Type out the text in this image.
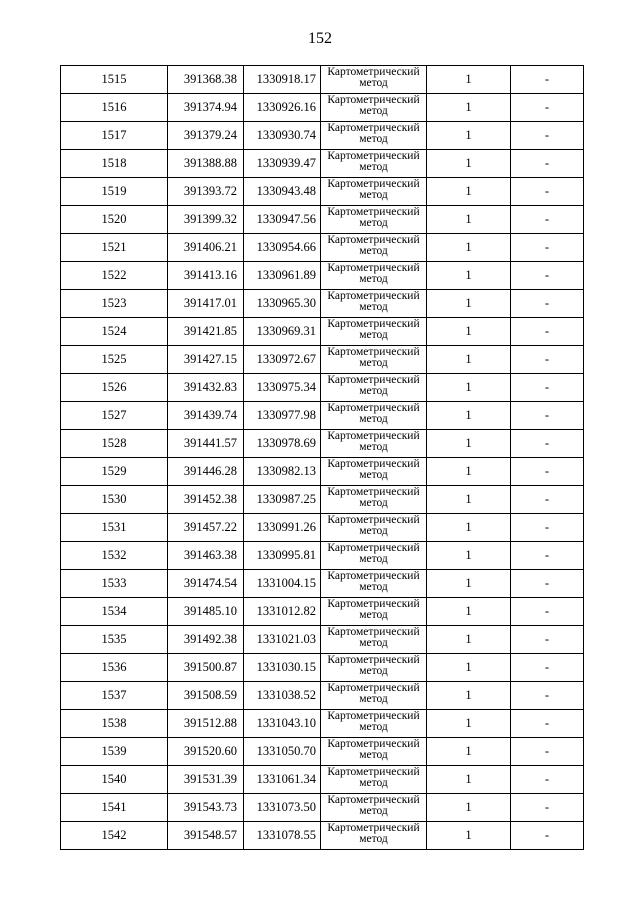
152
1515	391368.38	1330918.17	Картометрический метод	1	-
1516	391374.94	1330926.16	Картометрический метод	1	-
1517	391379.24	1330930.74	Картометрический метод	1	-
1518	391388.88	1330939.47	Картометрический метод	1	-
1519	391393.72	1330943.48	Картометрический метод	1	-
1520	391399.32	1330947.56	Картометрический метод	1	-
1521	391406.21	1330954.66	Картометрический метод	1	-
1522	391413.16	1330961.89	Картометрический метод	1	-
1523	391417.01	1330965.30	Картометрический метод	1	-
1524	391421.85	1330969.31	Картометрический метод	1	-
1525	391427.15	1330972.67	Картометрический метод	1	-
1526	391432.83	1330975.34	Картометрический метод	1	-
1527	391439.74	1330977.98	Картометрический метод	1	-
1528	391441.57	1330978.69	Картометрический метод	1	-
1529	391446.28	1330982.13	Картометрический метод	1	-
1530	391452.38	1330987.25	Картометрический метод	1	-
1531	391457.22	1330991.26	Картометрический метод	1	-
1532	391463.38	1330995.81	Картометрический метод	1	-
1533	391474.54	1331004.15	Картометрический метод	1	-
1534	391485.10	1331012.82	Картометрический метод	1	-
1535	391492.38	1331021.03	Картометрический метод	1	-
1536	391500.87	1331030.15	Картометрический метод	1	-
1537	391508.59	1331038.52	Картометрический метод	1	-
1538	391512.88	1331043.10	Картометрический метод	1	-
1539	391520.60	1331050.70	Картометрический метод	1	-
1540	391531.39	1331061.34	Картометрический метод	1	-
1541	391543.73	1331073.50	Картометрический метод	1	-
1542	391548.57	1331078.55	Картометрический метод	1	-
